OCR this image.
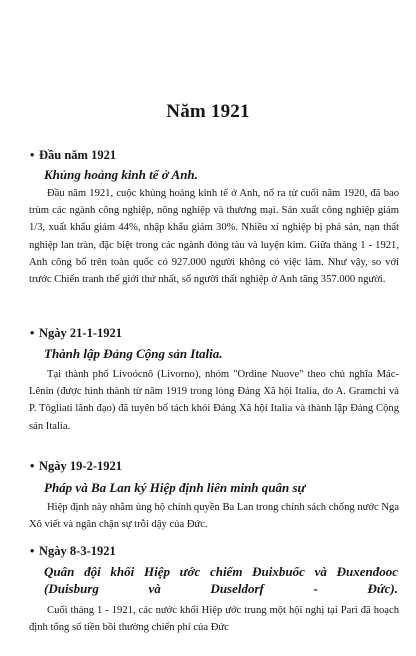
Năm 1921
• Đầu năm 1921
Khủng hoảng kinh tế ở Anh.

Đầu năm 1921, cuộc khủng hoảng kinh tế ở Anh, nổ ra từ cuối năm 1920, đã bao trùm các ngành công nghiệp, nông nghiệp và thương mại. Sản xuất công nghiệp giảm 1/3, xuất khẩu giảm 44%, nhập khẩu giảm 30%. Nhiều xí nghiệp bị phá sản, nạn thất nghiệp lan tràn, đặc biệt trong các ngành đóng tàu và luyện kim. Giữa tháng 1 - 1921, Anh công bố trên toàn quốc có 927.000 người không có việc làm. Như vậy, so với trước Chiến tranh thế giới thứ nhất, số người thất nghiệp ở Anh tăng 357.000 người.

• Ngày 21-1-1921
Thành lập Đảng Cộng sản Italia.

Tại thành phố Livoócnô (Livorno), nhóm "Ordine Nuove" theo chủ nghĩa Mác-Lênin (được hình thành từ năm 1919 trong lòng Đảng Xã hội Italia, do A. Gramchi và P. Tôgliati lãnh đạo) đã tuyên bố tách khỏi Đảng Xã hội Italia và thành lập Đảng Cộng sản Italia.

• Ngày 19-2-1921
Pháp và Ba Lan ký Hiệp định liên minh quân sự

Hiệp định này nhằm ủng hộ chính quyền Ba Lan trong chính sách chống nước Nga Xô viết và ngăn chặn sự trỗi dậy của Đức.

• Ngày 8-3-1921
Quân đội khối Hiệp ước chiếm Đuixbuốc và Đuxenđooc (Duisburg và Duseldorf - Đức).

Cuối tháng 1 - 1921, các nước khối Hiệp ước trung một hội nghị tại Pari đã hoạch định tổng số tiền bồi thường chiến phí của Đức
